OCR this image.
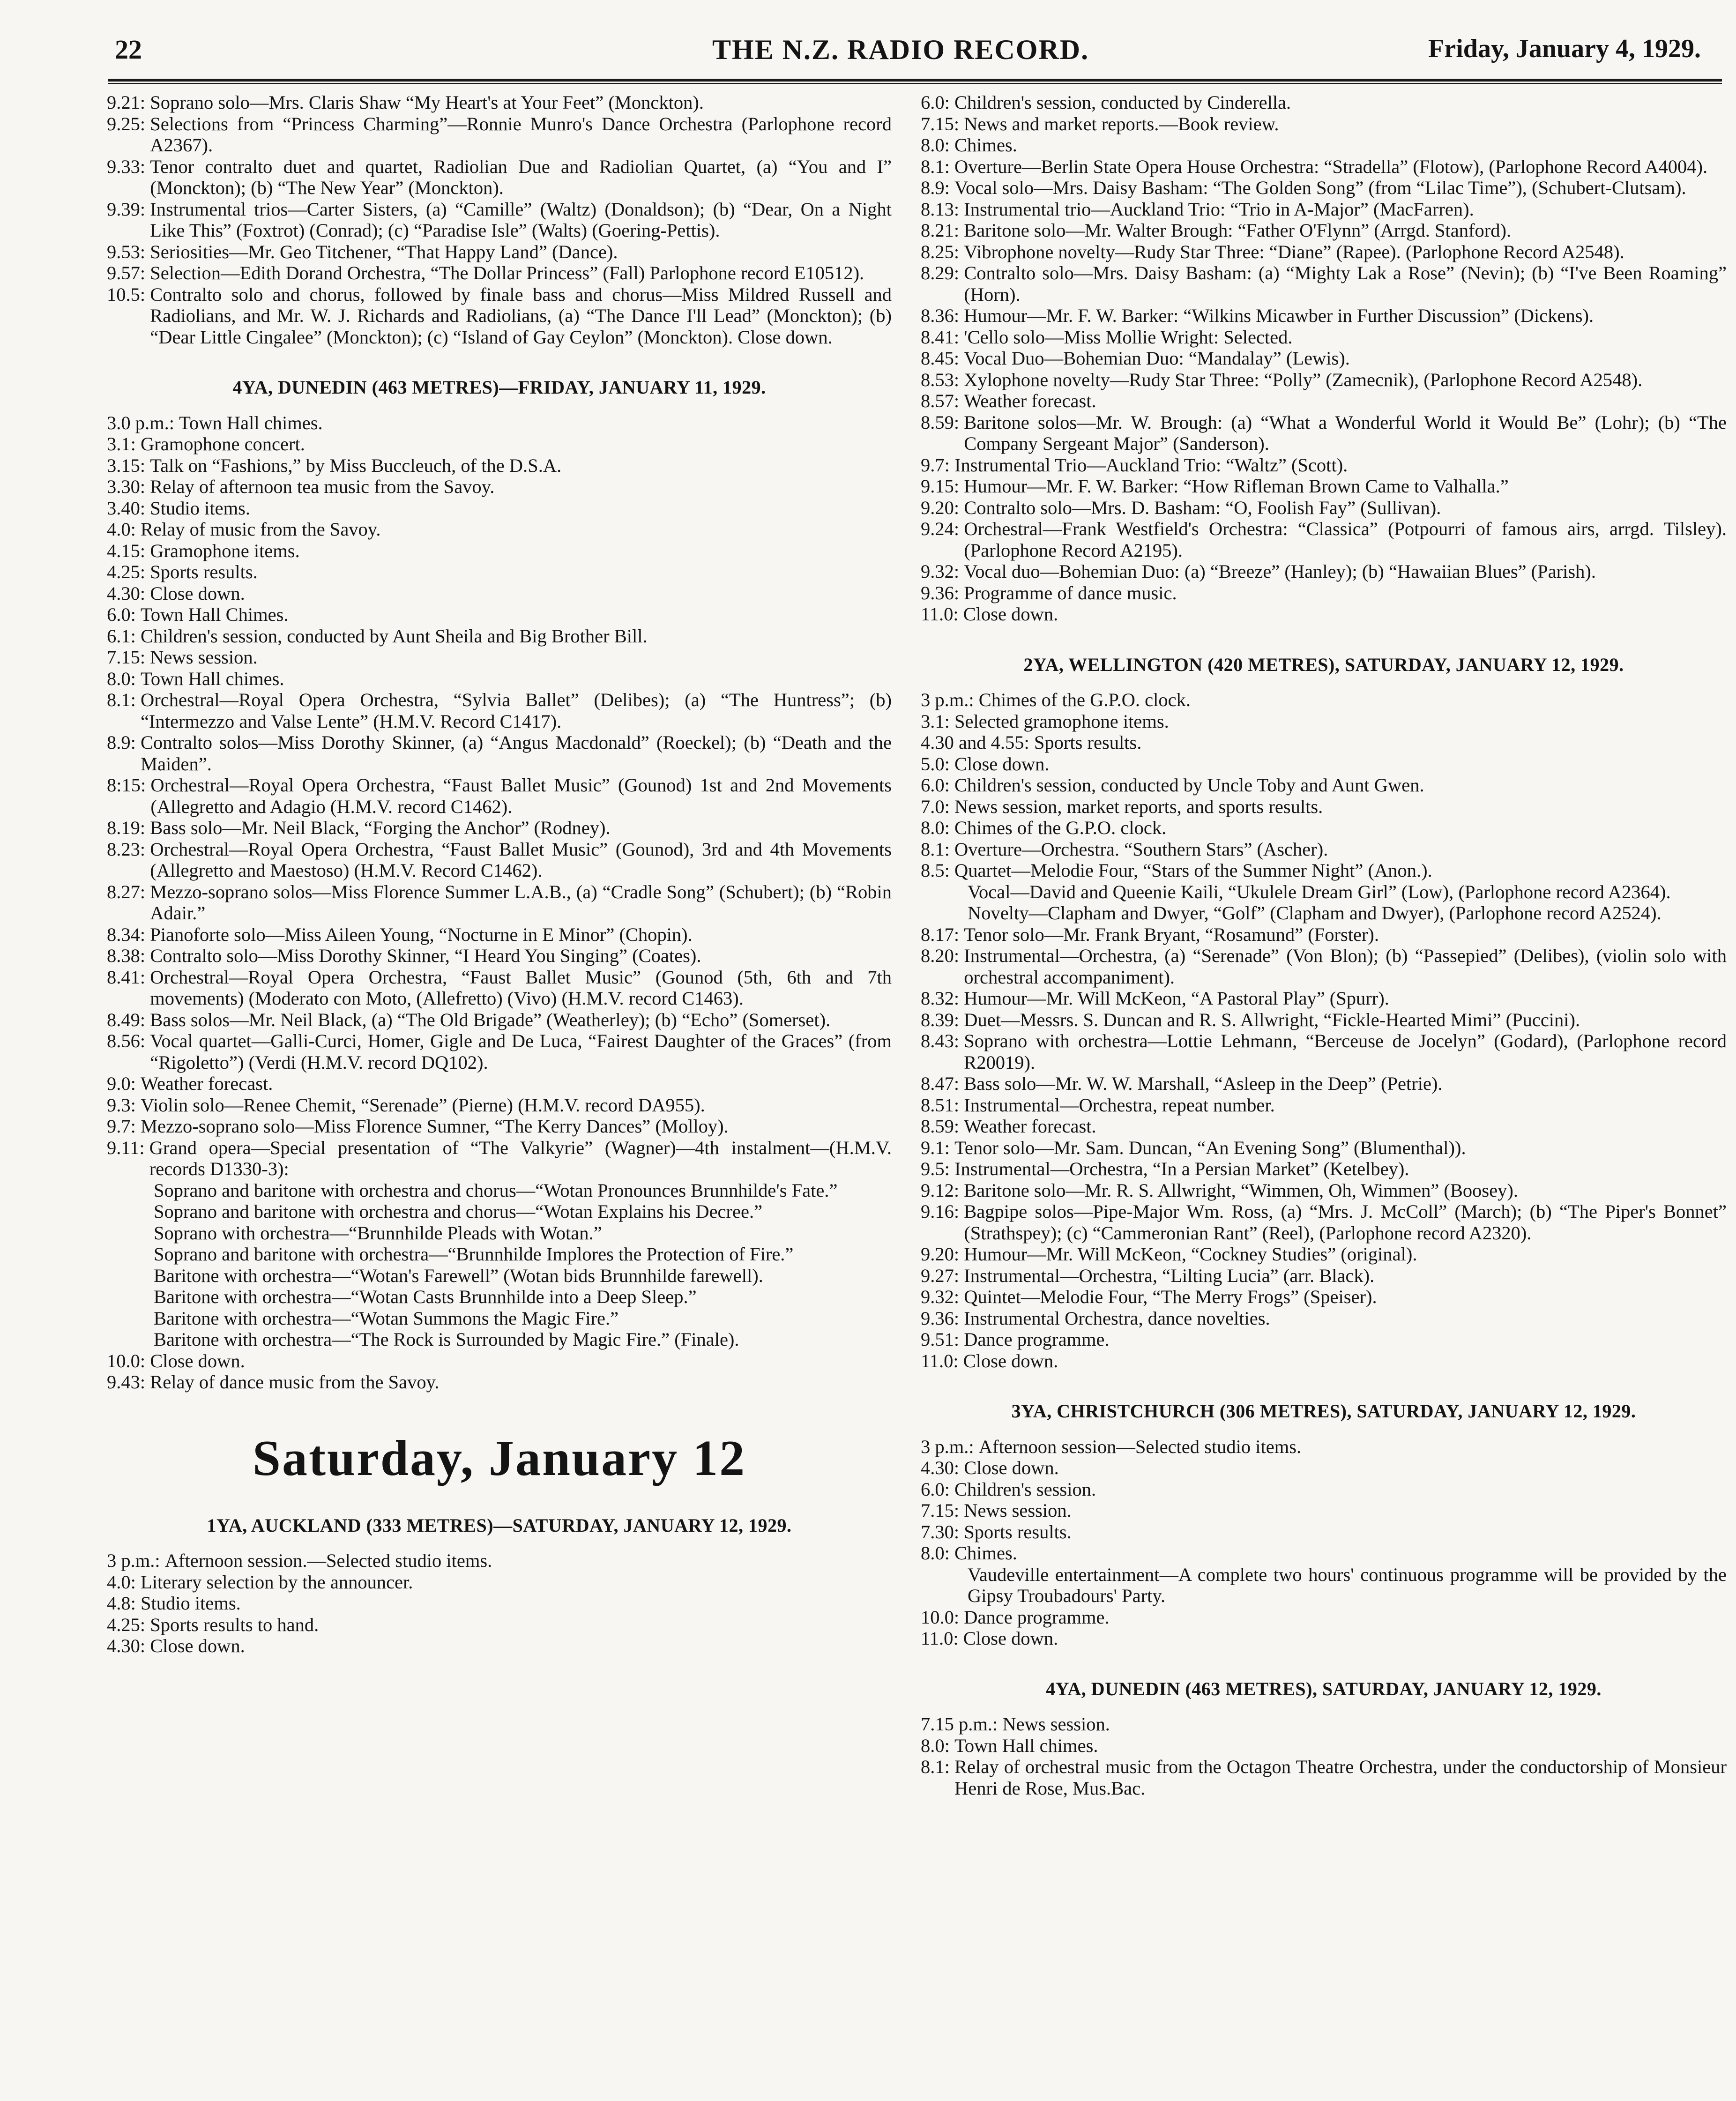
22	THE N.Z. RADIO RECORD.	Friday, January 4, 1929.
9.21: Soprano solo—Mrs. Claris Shaw “My Heart's at Your Feet” (Monckton).
9.25: Selections from “Princess Charming”—Ronnie Munro's Dance Orchestra (Parlophone record A2367).
9.33: Tenor contralto duet and quartet, Radiolian Due and Radiolian Quartet, (a) “You and I” (Monckton); (b) “The New Year” (Monckton).
9.39: Instrumental trios—Carter Sisters, (a) “Camille” (Waltz) (Donaldson); (b) “Dear, On a Night Like This” (Foxtrot) (Conrad); (c) “Paradise Isle” (Walts) (Goering-Pettis).
9.53: Seriosities—Mr. Geo Titchener, “That Happy Land” (Dance).
9.57: Selection—Edith Dorand Orchestra, “The Dollar Princess” (Fall) Parlophone record E10512).
10.5: Contralto solo and chorus, followed by finale bass and chorus—Miss Mildred Russell and Radiolians, and Mr. W. J. Richards and Radiolians, (a) “The Dance I'll Lead” (Monckton); (b) “Dear Little Cingalee” (Monckton); (c) “Island of Gay Ceylon” (Monckton). Close down.
4YA, DUNEDIN (463 METRES)—FRIDAY, JANUARY 11, 1929.
3.0 p.m.: Town Hall chimes.
3.1: Gramophone concert.
3.15: Talk on “Fashions,” by Miss Buccleuch, of the D.S.A.
3.30: Relay of afternoon tea music from the Savoy.
3.40: Studio items.
4.0: Relay of music from the Savoy.
4.15: Gramophone items.
4.25: Sports results.
4.30: Close down.
6.0: Town Hall Chimes.
6.1: Children's session, conducted by Aunt Sheila and Big Brother Bill.
7.15: News session.
8.0: Town Hall chimes.
8.1: Orchestral—Royal Opera Orchestra, “Sylvia Ballet” (Delibes); (a) “The Huntress”; (b) “Intermezzo and Valse Lente” (H.M.V. Record C1417).
8.9: Contralto solos—Miss Dorothy Skinner, (a) “Angus Macdonald” (Roeckel); (b) “Death and the Maiden”.
8:15: Orchestral—Royal Opera Orchestra, “Faust Ballet Music” (Gounod) 1st and 2nd Movements (Allegretto and Adagio (H.M.V. record C1462).
8.19: Bass solo—Mr. Neil Black, “Forging the Anchor” (Rodney).
8.23: Orchestral—Royal Opera Orchestra, “Faust Ballet Music” (Gounod), 3rd and 4th Movements (Allegretto and Maestoso) (H.M.V. Record C1462).
8.27: Mezzo-soprano solos—Miss Florence Summer L.A.B., (a) “Cradle Song” (Schubert); (b) “Robin Adair.”
8.34: Pianoforte solo—Miss Aileen Young, “Nocturne in E Minor” (Chopin).
8.38: Contralto solo—Miss Dorothy Skinner, “I Heard You Singing” (Coates).
8.41: Orchestral—Royal Opera Orchestra, “Faust Ballet Music” (Gounod (5th, 6th and 7th movements) (Moderato con Moto, (Allefretto) (Vivo) (H.M.V. record C1463).
8.49: Bass solos—Mr. Neil Black, (a) “The Old Brigade” (Weatherley); (b) “Echo” (Somerset).
8.56: Vocal quartet—Galli-Curci, Homer, Gigle and De Luca, “Fairest Daughter of the Graces” (from “Rigoletto”) (Verdi (H.M.V. record DQ102).
9.0: Weather forecast.
9.3: Violin solo—Renee Chemit, “Serenade” (Pierne) (H.M.V. record DA955).
9.7: Mezzo-soprano solo—Miss Florence Sumner, “The Kerry Dances” (Molloy).
9.11: Grand opera—Special presentation of “The Valkyrie” (Wagner)—4th instalment—(H.M.V. records D1330-3):
Soprano and baritone with orchestra and chorus—“Wotan Pronounces Brunnhilde's Fate.”
Soprano and baritone with orchestra and chorus—“Wotan Explains his Decree.”
Soprano with orchestra—“Brunnhilde Pleads with Wotan.”
Soprano and baritone with orchestra—“Brunnhilde Implores the Protection of Fire.”
Baritone with orchestra—“Wotan's Farewell” (Wotan bids Brunnhilde farewell).
Baritone with orchestra—“Wotan Casts Brunnhilde into a Deep Sleep.”
Baritone with orchestra—“Wotan Summons the Magic Fire.”
Baritone with orchestra—“The Rock is Surrounded by Magic Fire.” (Finale).
10.0: Close down.
9.43: Relay of dance music from the Savoy.
Saturday, January 12
1YA, AUCKLAND (333 METRES)—SATURDAY, JANUARY 12, 1929.
3 p.m.: Afternoon session.—Selected studio items.
4.0: Literary selection by the announcer.
4.8: Studio items.
4.25: Sports results to hand.
4.30: Close down.
6.0: Children's session, conducted by Cinderella.
7.15: News and market reports.—Book review.
8.0: Chimes.
8.1: Overture—Berlin State Opera House Orchestra: “Stradella” (Flotow), (Parlophone Record A4004).
8.9: Vocal solo—Mrs. Daisy Basham: “The Golden Song” (from “Lilac Time”), (Schubert-Clutsam).
8.13: Instrumental trio—Auckland Trio: “Trio in A-Major” (MacFarren).
8.21: Baritone solo—Mr. Walter Brough: “Father O'Flynn” (Arrgd. Stanford).
8.25: Vibrophone novelty—Rudy Star Three: “Diane” (Rapee). (Parlophone Record A2548).
8.29: Contralto solo—Mrs. Daisy Basham: (a) “Mighty Lak a Rose” (Nevin); (b) “I've Been Roaming” (Horn).
8.36: Humour—Mr. F. W. Barker: “Wilkins Micawber in Further Discussion” (Dickens).
8.41: 'Cello solo—Miss Mollie Wright: Selected.
8.45: Vocal Duo—Bohemian Duo: “Mandalay” (Lewis).
8.53: Xylophone novelty—Rudy Star Three: “Polly” (Zamecnik), (Parlophone Record A2548).
8.57: Weather forecast.
8.59: Baritone solos—Mr. W. Brough: (a) “What a Wonderful World it Would Be” (Lohr); (b) “The Company Sergeant Major” (Sanderson).
9.7: Instrumental Trio—Auckland Trio: “Waltz” (Scott).
9.15: Humour—Mr. F. W. Barker: “How Rifleman Brown Came to Valhalla.”
9.20: Contralto solo—Mrs. D. Basham: “O, Foolish Fay” (Sullivan).
9.24: Orchestral—Frank Westfield's Orchestra: “Classica” (Potpourri of famous airs, arrgd. Tilsley). (Parlophone Record A2195).
9.32: Vocal duo—Bohemian Duo: (a) “Breeze” (Hanley); (b) “Hawaiian Blues” (Parish).
9.36: Programme of dance music.
11.0: Close down.
2YA, WELLINGTON (420 METRES), SATURDAY, JANUARY 12, 1929.
3 p.m.: Chimes of the G.P.O. clock.
3.1: Selected gramophone items.
4.30 and 4.55: Sports results.
5.0: Close down.
6.0: Children's session, conducted by Uncle Toby and Aunt Gwen.
7.0: News session, market reports, and sports results.
8.0: Chimes of the G.P.O. clock.
8.1: Overture—Orchestra. “Southern Stars” (Ascher).
8.5: Quartet—Melodie Four, “Stars of the Summer Night” (Anon.).
Vocal—David and Queenie Kaili, “Ukulele Dream Girl” (Low), (Parlophone record A2364).
Novelty—Clapham and Dwyer, “Golf” (Clapham and Dwyer), (Parlophone record A2524).
8.17: Tenor solo—Mr. Frank Bryant, “Rosamund” (Forster).
8.20: Instrumental—Orchestra, (a) “Serenade” (Von Blon); (b) “Passepied” (Delibes), (violin solo with orchestral accompaniment).
8.32: Humour—Mr. Will McKeon, “A Pastoral Play” (Spurr).
8.39: Duet—Messrs. S. Duncan and R. S. Allwright, “Fickle-Hearted Mimi” (Puccini).
8.43: Soprano with orchestra—Lottie Lehmann, “Berceuse de Jocelyn” (Godard), (Parlophone record R20019).
8.47: Bass solo—Mr. W. W. Marshall, “Asleep in the Deep” (Petrie).
8.51: Instrumental—Orchestra, repeat number.
8.59: Weather forecast.
9.1: Tenor solo—Mr. Sam. Duncan, “An Evening Song” (Blumenthal)).
9.5: Instrumental—Orchestra, “In a Persian Market” (Ketelbey).
9.12: Baritone solo—Mr. R. S. Allwright, “Wimmen, Oh, Wimmen” (Boosey).
9.16: Bagpipe solos—Pipe-Major Wm. Ross, (a) “Mrs. J. McColl” (March); (b) “The Piper's Bonnet” (Strathspey); (c) “Cammeronian Rant” (Reel), (Parlophone record A2320).
9.20: Humour—Mr. Will McKeon, “Cockney Studies” (original).
9.27: Instrumental—Orchestra, “Lilting Lucia” (arr. Black).
9.32: Quintet—Melodie Four, “The Merry Frogs” (Speiser).
9.36: Instrumental Orchestra, dance novelties.
9.51: Dance programme.
11.0: Close down.
3YA, CHRISTCHURCH (306 METRES), SATURDAY, JANUARY 12, 1929.
3 p.m.: Afternoon session—Selected studio items.
4.30: Close down.
6.0: Children's session.
7.15: News session.
7.30: Sports results.
8.0: Chimes.
Vaudeville entertainment—A complete two hours' continuous programme will be provided by the Gipsy Troubadours' Party.
10.0: Dance programme.
11.0: Close down.
4YA, DUNEDIN (463 METRES), SATURDAY, JANUARY 12, 1929.
7.15 p.m.: News session.
8.0: Town Hall chimes.
8.1: Relay of orchestral music from the Octagon Theatre Orchestra, under the conductorship of Monsieur Henri de Rose, Mus.Bac.
